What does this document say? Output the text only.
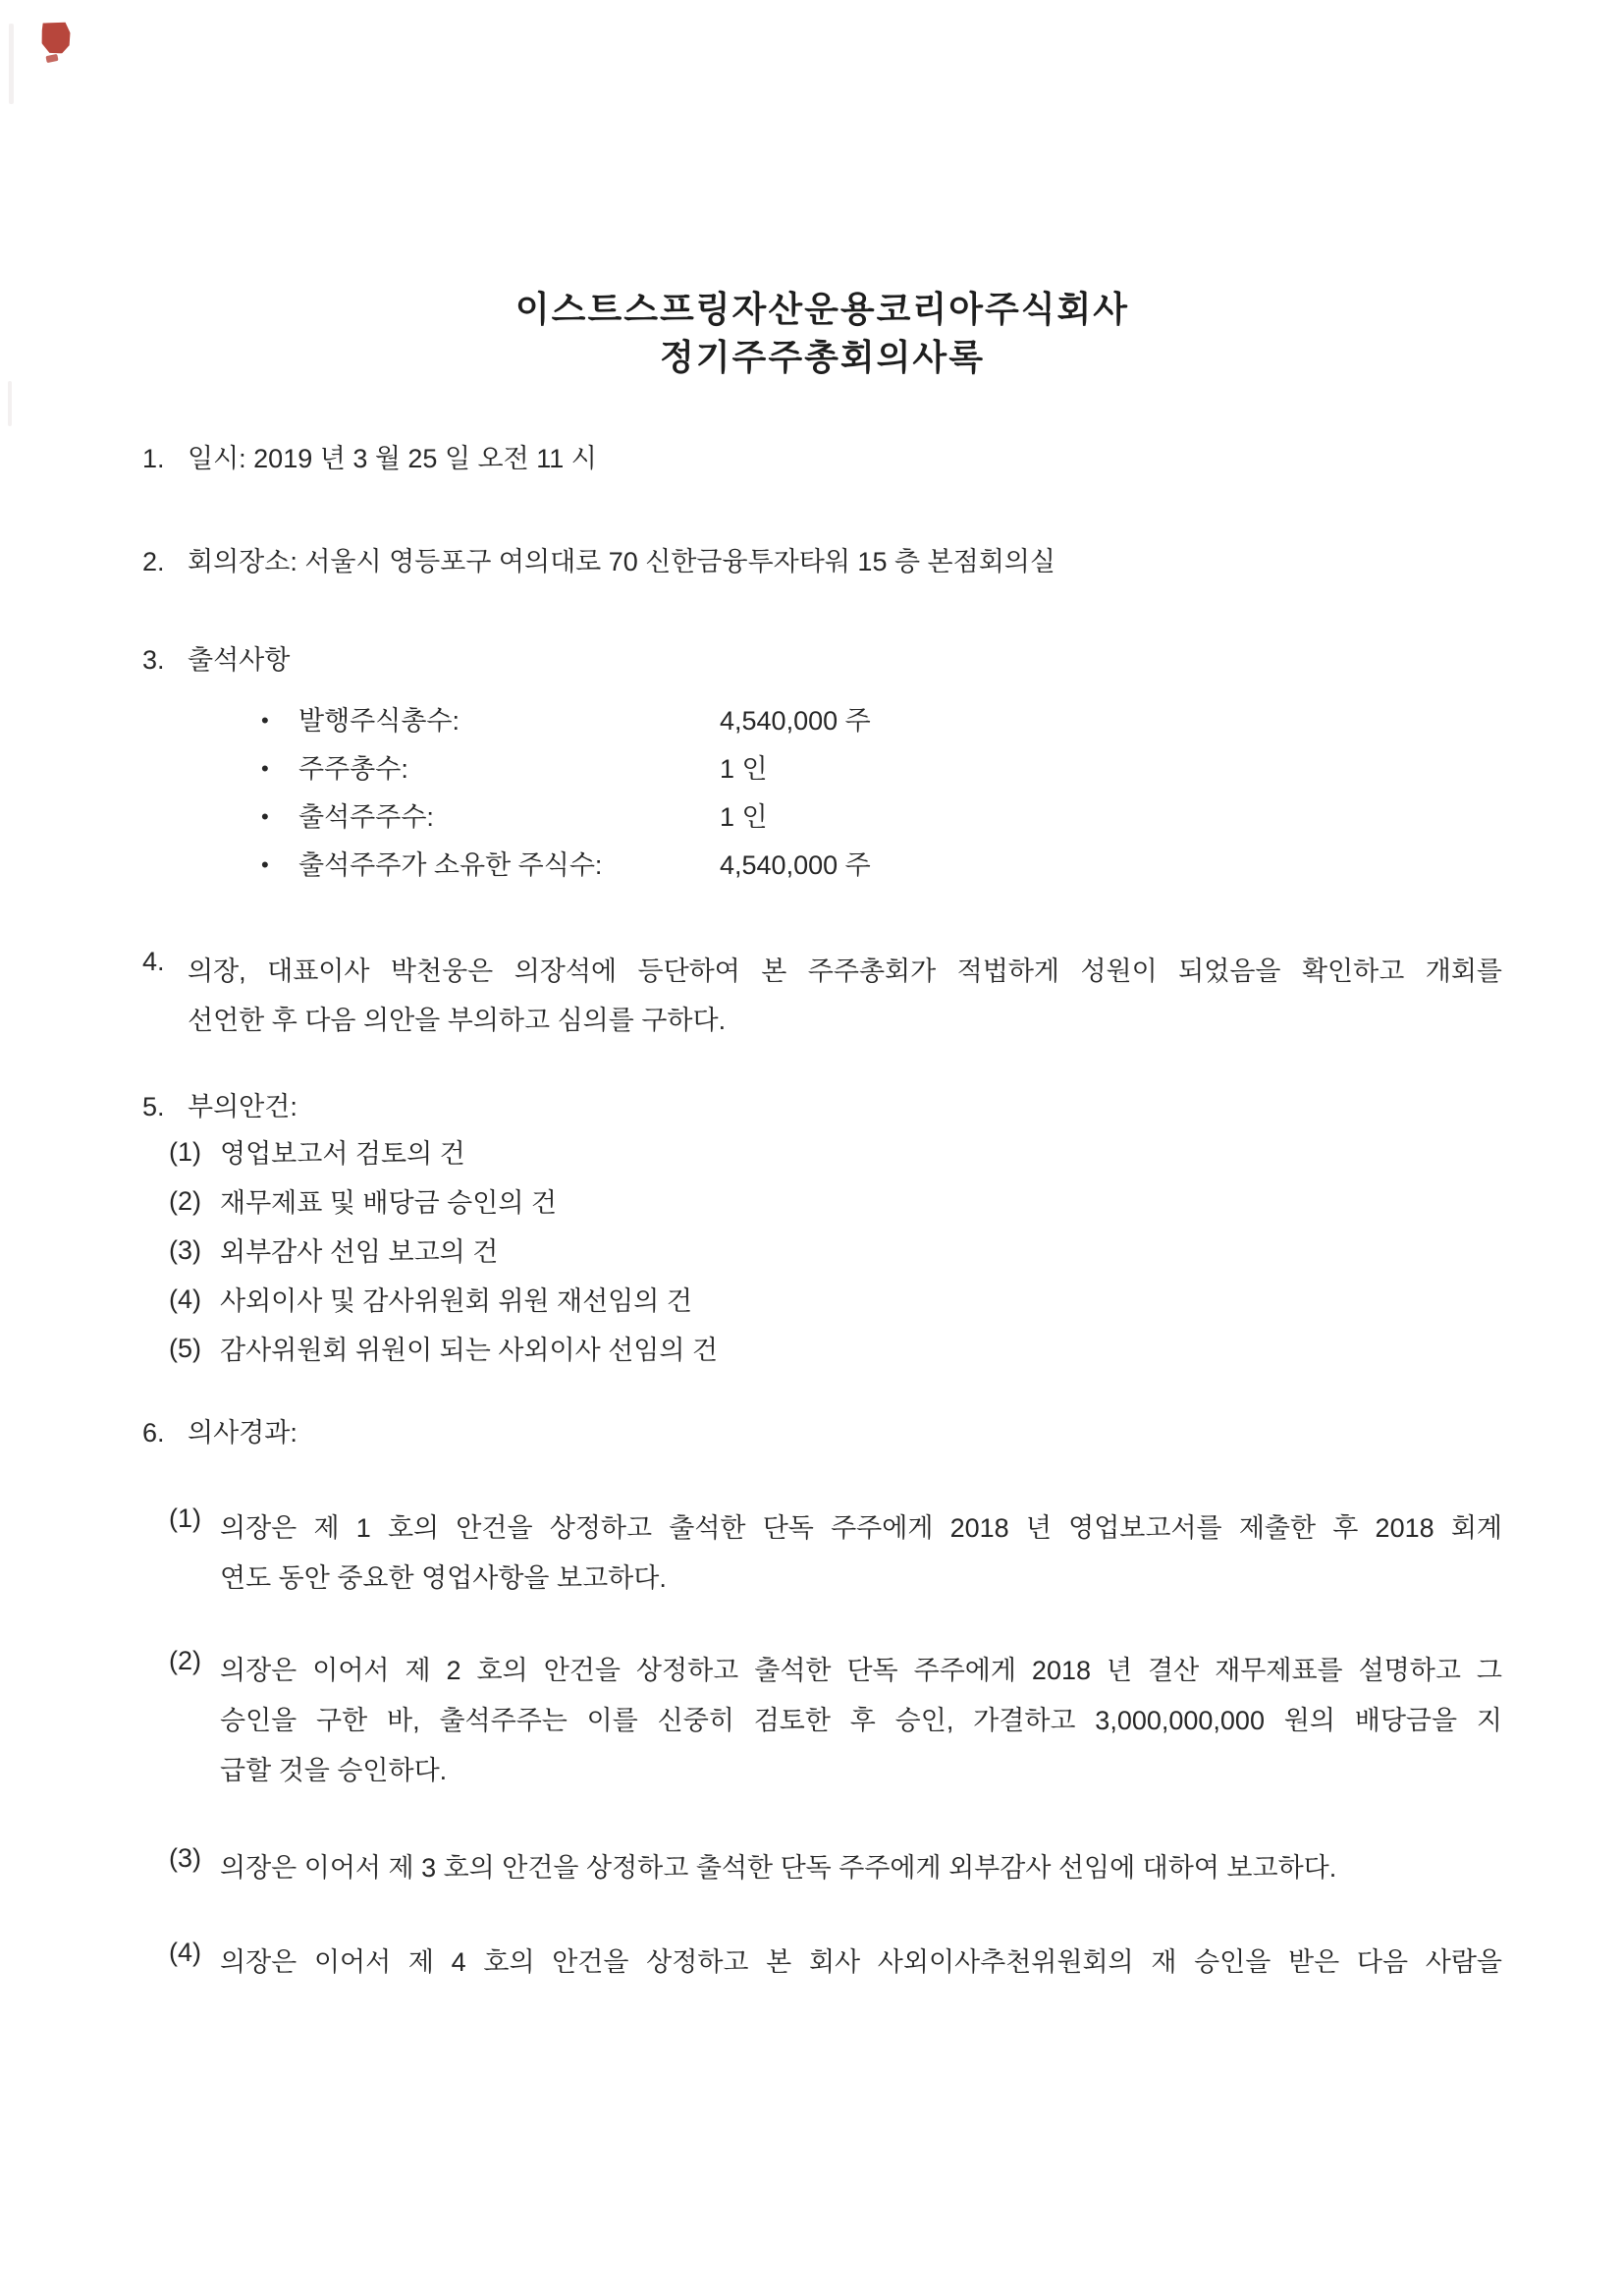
이스트스프링자산운용코리아주식회사
정기주주총회의사록
1. 일시: 2019 년 3 월 25 일 오전 11 시
2. 회의장소: 서울시 영등포구 여의대로 70 신한금융투자타워 15 층 본점회의실
3. 출석사항
•	발행주식총수:	4,540,000 주
•	주주총수:	1 인
•	출석주주수:	1 인
•	출석주주가 소유한 주식수:	4,540,000 주
4. 의장, 대표이사 박천웅은 의장석에 등단하여 본 주주총회가 적법하게 성원이 되었음을 확인하고 개회를
선언한 후 다음 의안을 부의하고 심의를 구하다.
5. 부의안건:
(1) 영업보고서 검토의 건
(2) 재무제표 및 배당금 승인의 건
(3) 외부감사 선임 보고의 건
(4) 사외이사 및 감사위원회 위원 재선임의 건
(5) 감사위원회 위원이 되는 사외이사 선임의 건
6. 의사경과:
(1) 의장은 제 1 호의 안건을 상정하고 출석한 단독 주주에게 2018 년 영업보고서를 제출한 후 2018 회계
연도 동안 중요한 영업사항을 보고하다.
(2) 의장은 이어서 제 2 호의 안건을 상정하고 출석한 단독 주주에게 2018 년 결산 재무제표를 설명하고 그
승인을 구한 바, 출석주주는 이를 신중히 검토한 후 승인, 가결하고 3,000,000,000 원의 배당금을 지
급할 것을 승인하다.
(3) 의장은 이어서 제 3 호의 안건을 상정하고 출석한 단독 주주에게 외부감사 선임에 대하여 보고하다.
(4) 의장은 이어서 제 4 호의 안건을 상정하고 본 회사 사외이사추천위원회의 재 승인을 받은 다음 사람을
